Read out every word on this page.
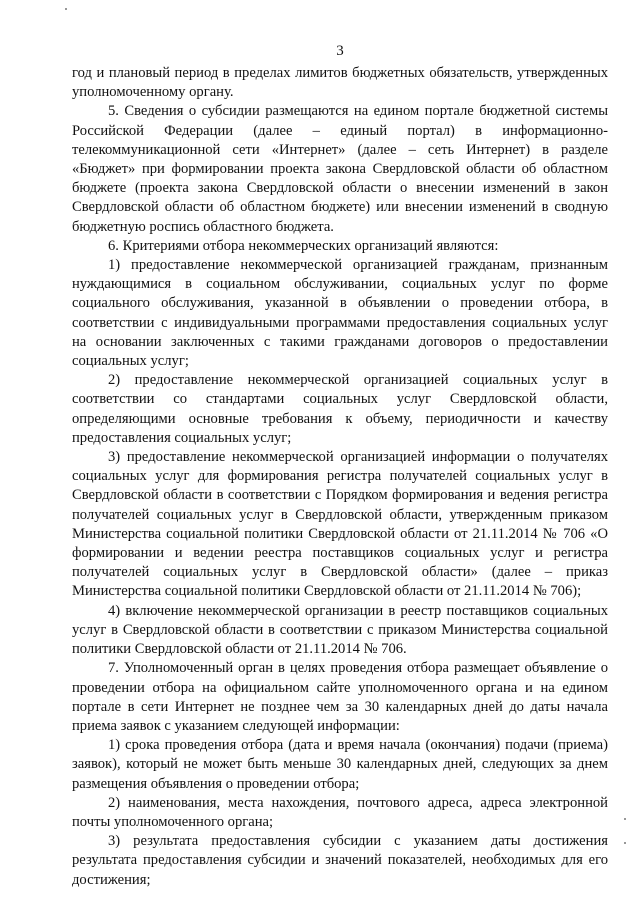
3

год и плановый период в пределах лимитов бюджетных обязательств, утвержденных уполномоченному органу.

5. Сведения о субсидии размещаются на едином портале бюджетной системы Российской Федерации (далее – единый портал) в информационно-телекоммуникационной сети «Интернет» (далее – сеть Интернет) в разделе «Бюджет» при формировании проекта закона Свердловской области об областном бюджете (проекта закона Свердловской области о внесении изменений в закон Свердловской области об областном бюджете) или внесении изменений в сводную бюджетную роспись областного бюджета.

6. Критериями отбора некоммерческих организаций являются:

1) предоставление некоммерческой организацией гражданам, признанным нуждающимися в социальном обслуживании, социальных услуг по форме социального обслуживания, указанной в объявлении о проведении отбора, в соответствии с индивидуальными программами предоставления социальных услуг на основании заключенных с такими гражданами договоров о предоставлении социальных услуг;

2) предоставление некоммерческой организацией социальных услуг в соответствии со стандартами социальных услуг Свердловской области, определяющими основные требования к объему, периодичности и качеству предоставления социальных услуг;

3) предоставление некоммерческой организацией информации о получателях социальных услуг для формирования регистра получателей социальных услуг в Свердловской области в соответствии с Порядком формирования и ведения регистра получателей социальных услуг в Свердловской области, утвержденным приказом Министерства социальной политики Свердловской области от 21.11.2014 № 706 «О формировании и ведении реестра поставщиков социальных услуг и регистра получателей социальных услуг в Свердловской области» (далее – приказ Министерства социальной политики Свердловской области от 21.11.2014 № 706);

4) включение некоммерческой организации в реестр поставщиков социальных услуг в Свердловской области в соответствии с приказом Министерства социальной политики Свердловской области от 21.11.2014 № 706.

7. Уполномоченный орган в целях проведения отбора размещает объявление о проведении отбора на официальном сайте уполномоченного органа и на едином портале в сети Интернет не позднее чем за 30 календарных дней до даты начала приема заявок с указанием следующей информации:

1) срока проведения отбора (дата и время начала (окончания) подачи (приема) заявок), который не может быть меньше 30 календарных дней, следующих за днем размещения объявления о проведении отбора;

2) наименования, места нахождения, почтового адреса, адреса электронной почты уполномоченного органа;

3) результата предоставления субсидии с указанием даты достижения результата предоставления субсидии и значений показателей, необходимых для его достижения;
